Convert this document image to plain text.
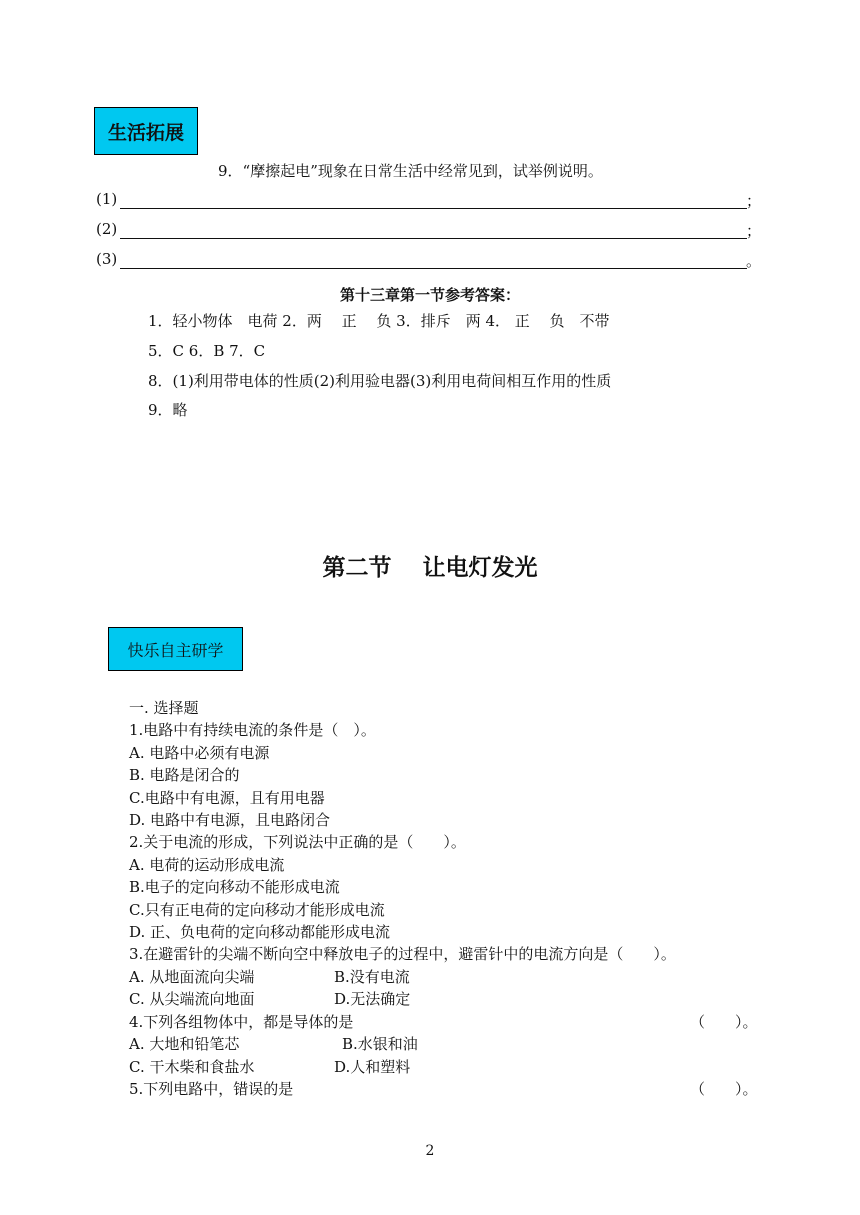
生活拓展
9．“摩擦起电”现象在日常生活中经常见到，试举例说明。
(1)	；
(2)	；
(3)	。
第十三章第一节参考答案：
1．轻小物体　电荷 2．两　 正　 负 3．排斥　两 4． 正　 负　不带
5．C 6．B 7．C
8．(1)利用带电体的性质(2)利用验电器(3)利用电荷间相互作用的性质
9．略
第二节　 让电灯发光
快乐自主研学
一. 选择题
1.电路中有持续电流的条件是（　）。
A. 电路中必须有电源
B. 电路是闭合的
C.电路中有电源，且有用电器
D. 电路中有电源，且电路闭合
2.关于电流的形成，下列说法中正确的是（　　）。
A. 电荷的运动形成电流
B.电子的定向移动不能形成电流
C.只有正电荷的定向移动才能形成电流
D. 正、负电荷的定向移动都能形成电流
3.在避雷针的尖端不断向空中释放电子的过程中，避雷针中的电流方向是（　　）。
A. 从地面流向尖端	B.没有电流
C. 从尖端流向地面	D.无法确定
4.下列各组物体中，都是导体的是	（　　）。
A. 大地和铅笔芯	B.水银和油
C. 干木柴和食盐水	D.人和塑料
5.下列电路中，错误的是	（　　）。
2
